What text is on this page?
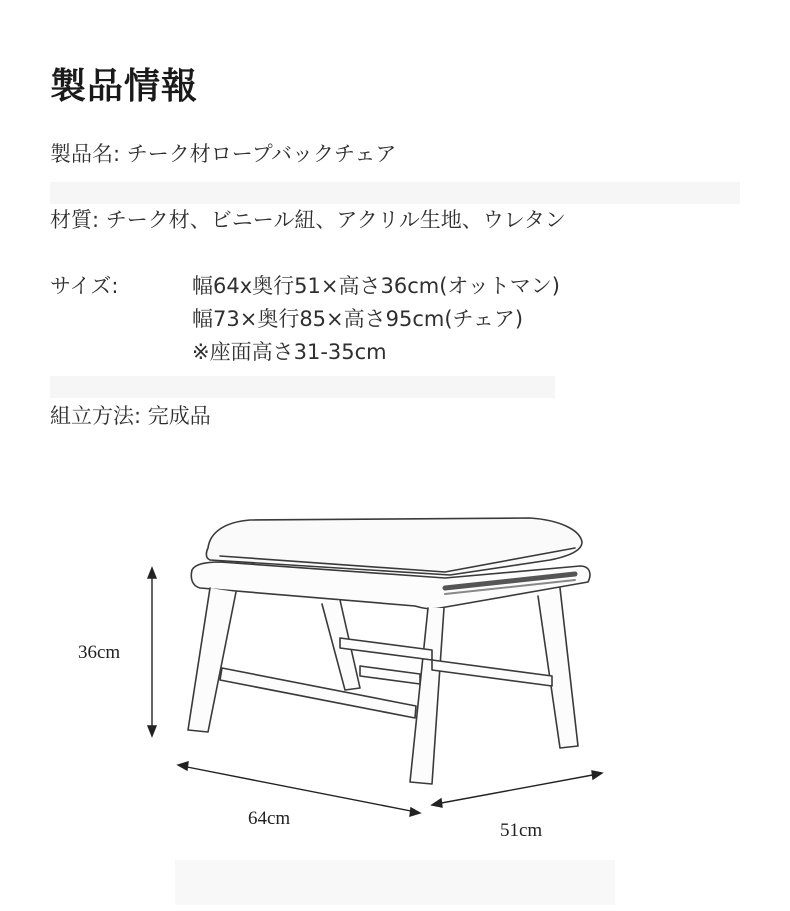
製品情報
製品名: チーク材ロープバックチェア
材質: チーク材、ビニール紐、アクリル生地、ウレタン
サイズ:	幅64x奥行51×高さ36cm(オットマン)
幅73×奥行85×高さ95cm(チェア)
※座面高さ31-35cm
組立方法: 完成品
36cm
64cm
51cm
